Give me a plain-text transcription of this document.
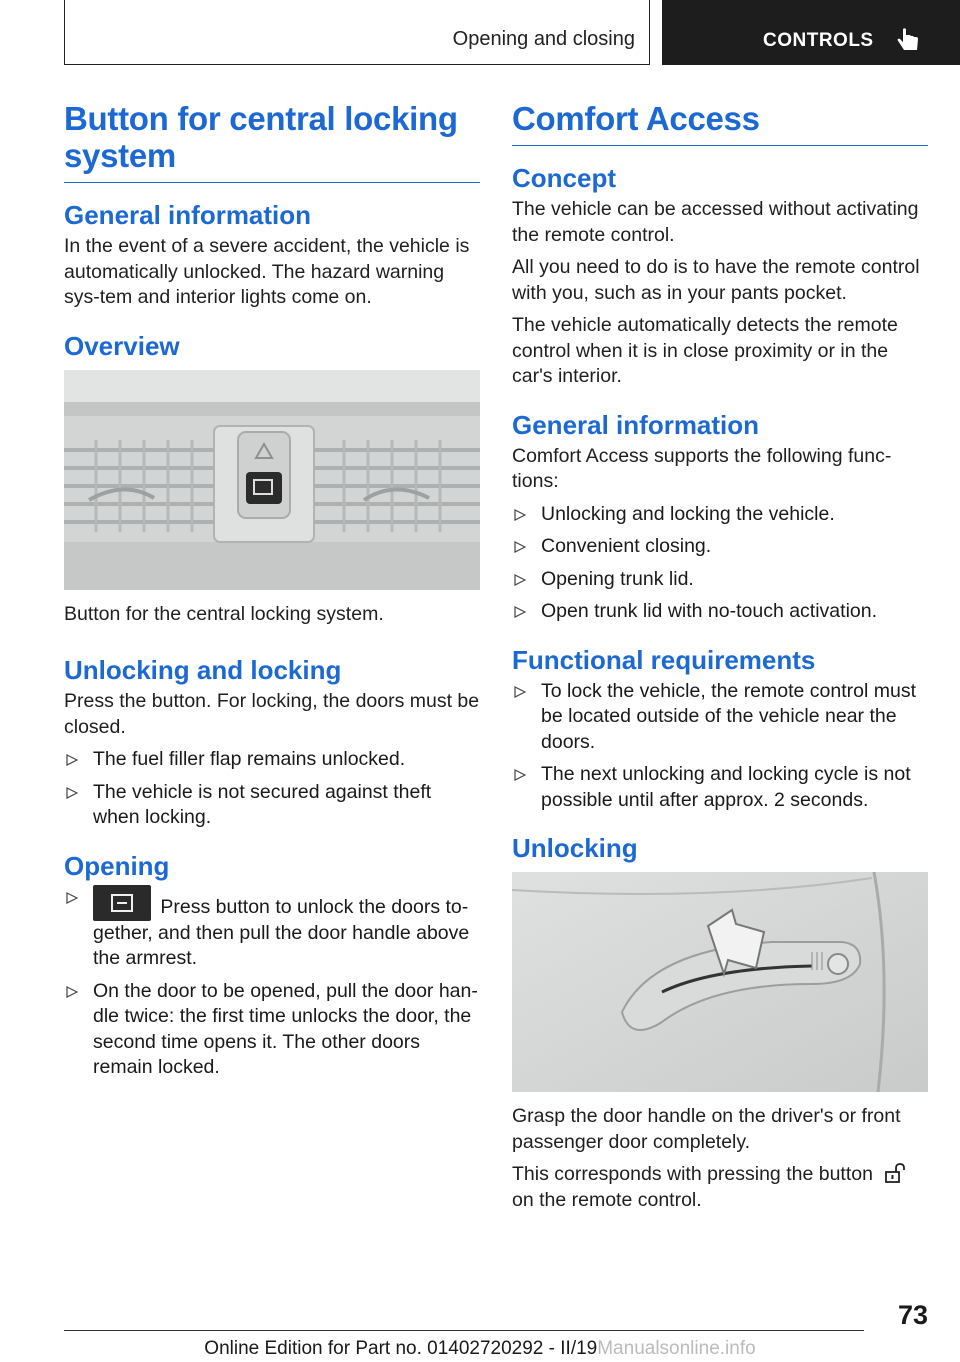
Opening and closing	CONTROLS
Button for central locking system
General information
In the event of a severe accident, the vehicle is automatically unlocked. The hazard warning sys-tem and interior lights come on.
Overview
Button for the central locking system.
Unlocking and locking
Press the button. For locking, the doors must be closed.
The fuel filler flap remains unlocked.
The vehicle is not secured against theft when locking.
Opening
Press button to unlock the doors to-gether, and then pull the door handle above the armrest.
On the door to be opened, pull the door han-dle twice: the first time unlocks the door, the second time opens it. The other doors remain locked.
Comfort Access
Concept
The vehicle can be accessed without activating the remote control.
All you need to do is to have the remote control with you, such as in your pants pocket.
The vehicle automatically detects the remote control when it is in close proximity or in the car's interior.
General information
Comfort Access supports the following func-tions:
Unlocking and locking the vehicle.
Convenient closing.
Opening trunk lid.
Open trunk lid with no-touch activation.
Functional requirements
To lock the vehicle, the remote control must be located outside of the vehicle near the doors.
The next unlocking and locking cycle is not possible until after approx. 2 seconds.
Unlocking
Grasp the door handle on the driver's or front passenger door completely.
This corresponds with pressing the button
on the remote control.
73
Online Edition for Part no. 01402720292 - II/19Manualsonline.info
